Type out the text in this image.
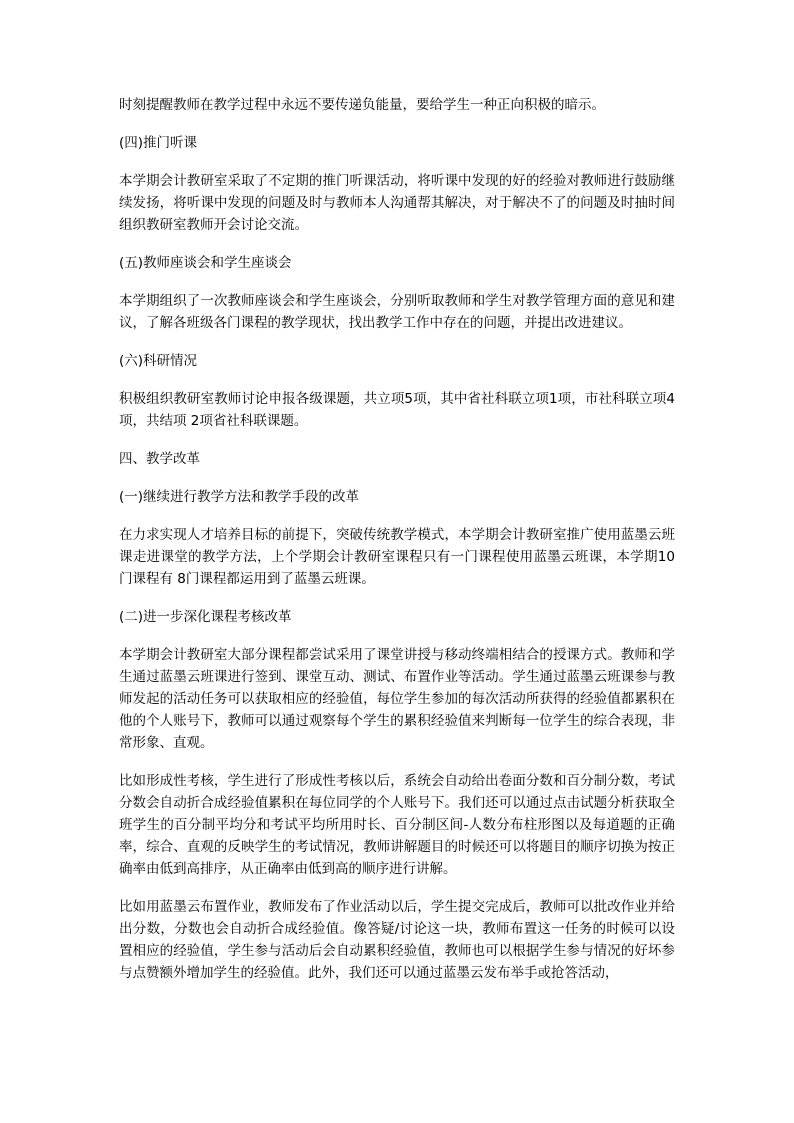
时刻提醒教师在教学过程中永远不要传递负能量，要给学生一种正向积极的暗示。

(四)推门听课

本学期会计教研室采取了不定期的推门听课活动，将听课中发现的好的经验对教师进行鼓励继续发扬，将听课中发现的问题及时与教师本人沟通帮其解决，对于解决不了的问题及时抽时间组织教研室教师开会讨论交流。

(五)教师座谈会和学生座谈会

本学期组织了一次教师座谈会和学生座谈会，分别听取教师和学生对教学管理方面的意见和建议，了解各班级各门课程的教学现状，找出教学工作中存在的问题，并提出改进建议。

(六)科研情况

积极组织教研室教师讨论申报各级课题，共立项5项，其中省社科联立项1项，市社科联立项4项，共结项 2项省社科联课题。

四、教学改革

(一)继续进行教学方法和教学手段的改革

在力求实现人才培养目标的前提下，突破传统教学模式，本学期会计教研室推广使用蓝墨云班课走进课堂的教学方法，上个学期会计教研室课程只有一门课程使用蓝墨云班课，本学期10门课程有 8门课程都运用到了蓝墨云班课。

(二)进一步深化课程考核改革

本学期会计教研室大部分课程都尝试采用了课堂讲授与移动终端相结合的授课方式。教师和学生通过蓝墨云班课进行签到、课堂互动、测试、布置作业等活动。学生通过蓝墨云班课参与教师发起的活动任务可以获取相应的经验值，每位学生参加的每次活动所获得的经验值都累积在他的个人账号下，教师可以通过观察每个学生的累积经验值来判断每一位学生的综合表现，非常形象、直观。

比如形成性考核，学生进行了形成性考核以后，系统会自动给出卷面分数和百分制分数，考试分数会自动折合成经验值累积在每位同学的个人账号下。我们还可以通过点击试题分析获取全班学生的百分制平均分和考试平均所用时长、百分制区间-人数分布柱形图以及每道题的正确率，综合、直观的反映学生的考试情况，教师讲解题目的时候还可以将题目的顺序切换为按正确率由低到高排序，从正确率由低到高的顺序进行讲解。

比如用蓝墨云布置作业，教师发布了作业活动以后，学生提交完成后，教师可以批改作业并给出分数，分数也会自动折合成经验值。像答疑/讨论这一块，教师布置这一任务的时候可以设置相应的经验值，学生参与活动后会自动累积经验值，教师也可以根据学生参与情况的好坏参与点赞额外增加学生的经验值。此外，我们还可以通过蓝墨云发布举手或抢答活动，
